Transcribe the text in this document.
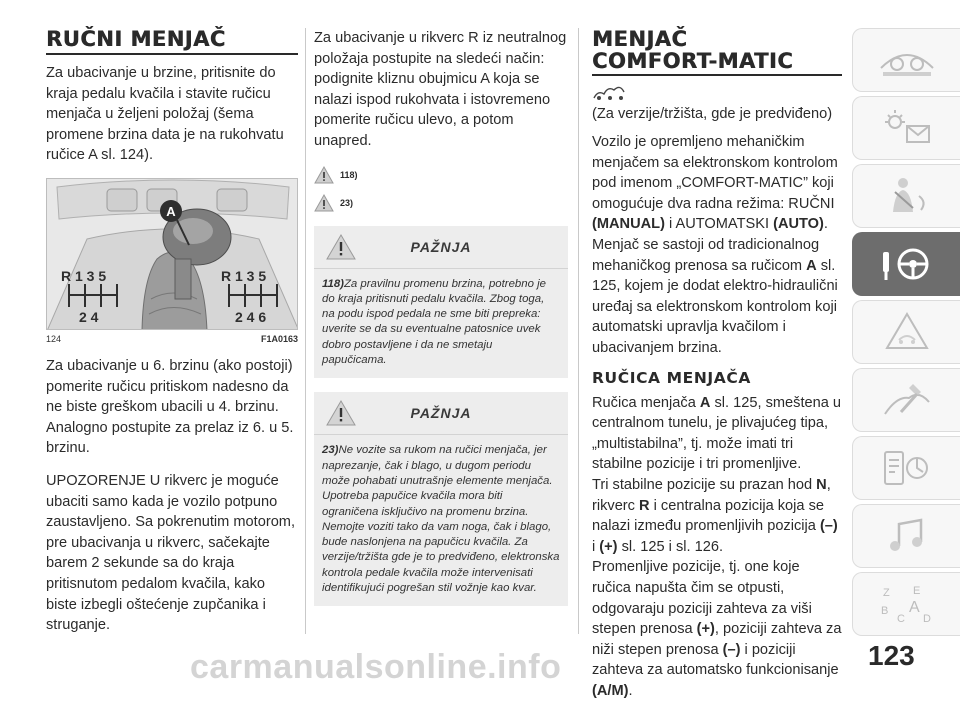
RUČNI MENJAČ

Za ubacivanje u brzine, pritisnite do kraja pedalu kvačila i stavite ručicu menjača u željeni položaj (šema promene brzina data je na rukohvatu ručice A sl. 124).

A
R 1 3 5
2 4
R 1 3 5
2 4 6
124	F1A0163

Za ubacivanje u 6. brzinu (ako postoji) pomerite ručicu pritiskom nadesno da ne biste greškom ubacili u 4. brzinu. Analogno postupite za prelaz iz 6. u 5. brzinu.

UPOZORENJE U rikverc je moguće ubaciti samo kada je vozilo potpuno zaustavljeno. Sa pokrenutim motorom, pre ubacivanja u rikverc, sačekajte barem 2 sekunde sa do kraja pritisnutom pedalom kvačila, kako biste izbegli oštećenje zupčanika i struganje.

Za ubacivanje u rikverc R iz neutralnog položaja postupite na sledeći način: podignite kliznu obujmicu A koja se nalazi ispod rukohvata i istovremeno pomerite ručicu ulevo, a potom unapred.

118)
23)
PAŽNJA
118)Za pravilnu promenu brzina, potrebno je do kraja pritisnuti pedalu kvačila. Zbog toga, na podu ispod pedala ne sme biti prepreka: uverite se da su eventualne patosnice uvek dobro postavljene i da ne smetaju papučicama.
PAŽNJA
23)Ne vozite sa rukom na ručici menjača, jer naprezanje, čak i blago, u dugom periodu može pohabati unutrašnje elemente menjača. Upotreba papučice kvačila mora biti ograničena isključivo na promenu brzina. Nemojte voziti tako da vam noga, čak i blago, bude naslonjena na papučicu kvačila. Za verzije/tržišta gde je to predviđeno, elektronska kontrola pedale kvačila može intervenisati identifikujući pogrešan stil vožnje kao kvar.
MENJAČ
COMFORT-MATIC

(Za verzije/tržišta, gde je predviđeno)

Vozilo je opremljeno mehaničkim menjačem sa elektronskom kontrolom pod imenom „COMFORT-MATIC” koji omogućuje dva radna režima: RUČNI (MANUAL) i AUTOMATSKI (AUTO).

Menjač se sastoji od tradicionalnog mehaničkog prenosa sa ručicom A sl. 125, kojem je dodat elektro-hidraulični uređaj sa elektronskom kontrolom koji automatski upravlja kvačilom i ubacivanjem brzina.

RUČICA MENJAČA

Ručica menjača A sl. 125, smeštena u centralnom tunelu, je plivajućeg tipa, „multistabilna”, tj. može imati tri stabilne pozicije i tri promenljive.

Tri stabilne pozicije su prazan hod N, rikverc R i centralna pozicija koja se nalazi između promenljivih pozicija (–) i (+) sl. 125 i sl. 126.

Promenljive pozicije, tj. one koje ručica napušta čim se otpusti, odgovaraju poziciji zahteva za viši stepen prenosa (+), poziciji zahteva za niži stepen prenosa (–) i poziciji zahteva za automatsko funkcionisanje (A/M).

Z E
B
C
A
D
123
carmanualsonline.info
